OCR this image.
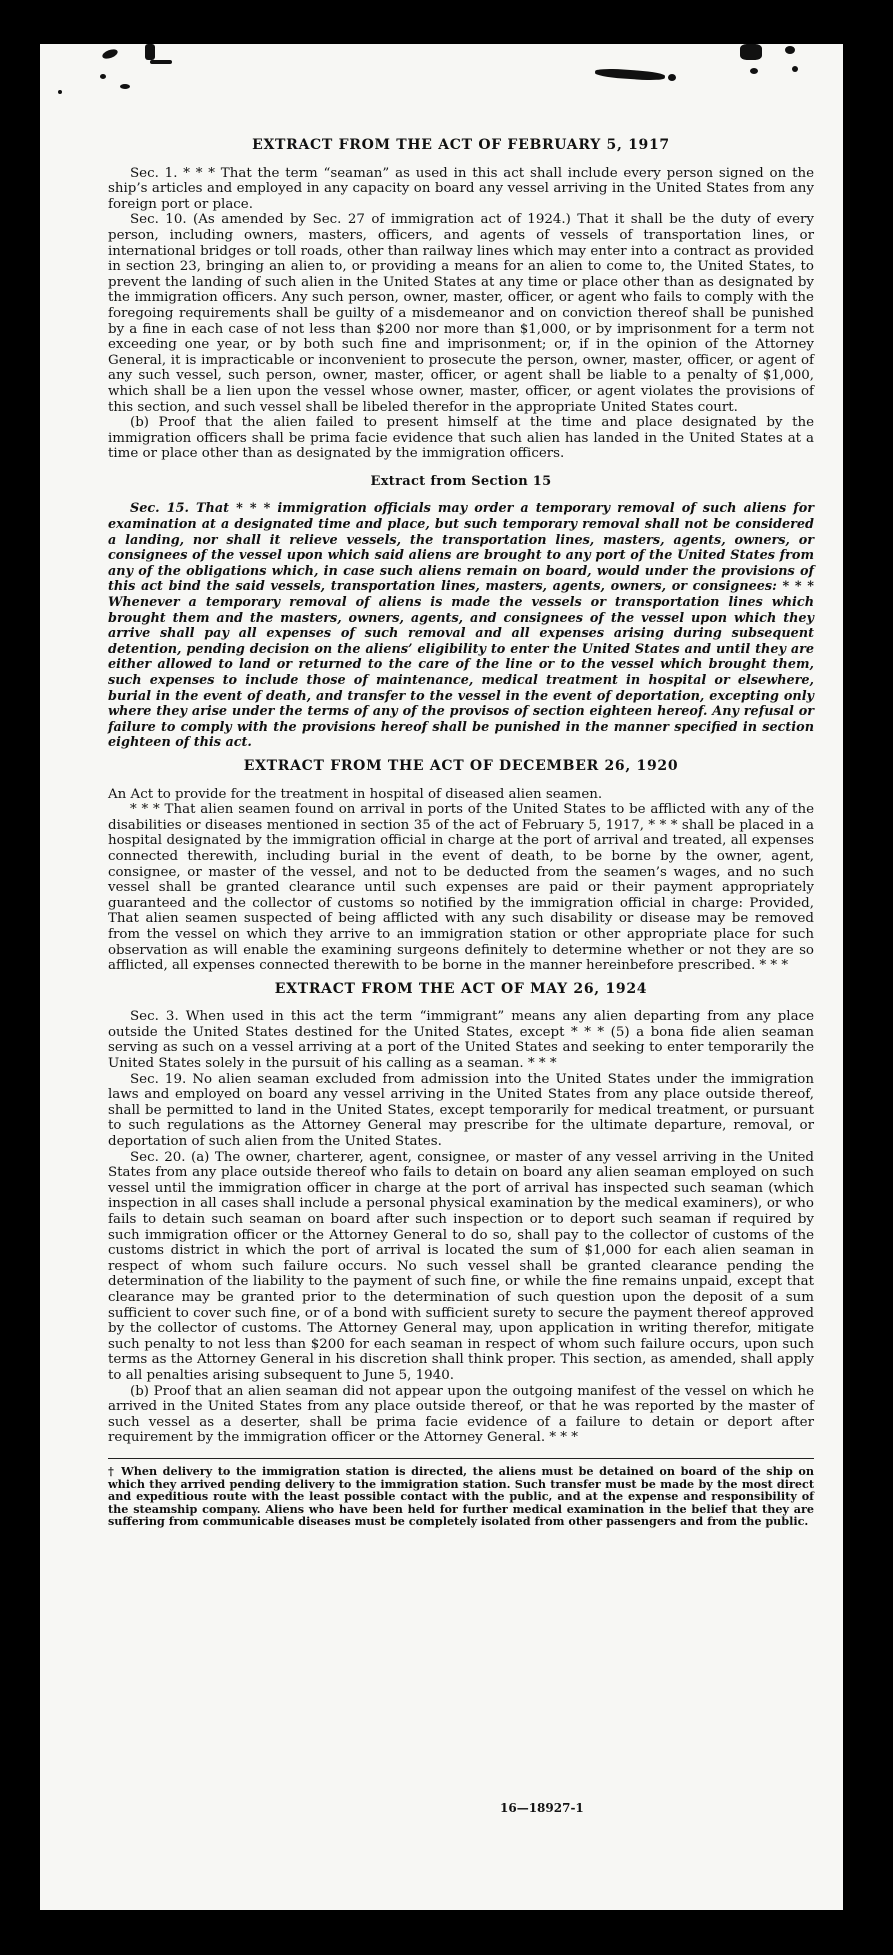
EXTRACT FROM THE ACT OF FEBRUARY 5, 1917

Sec. 1. * * * That the term “seaman” as used in this act shall include every person signed on the ship’s articles and employed in any capacity on board any vessel arriving in the United States from any foreign port or place.

Sec. 10. (As amended by Sec. 27 of immigration act of 1924.) That it shall be the duty of every person, including owners, masters, officers, and agents of vessels of transportation lines, or international bridges or toll roads, other than railway lines which may enter into a contract as provided in section 23, bringing an alien to, or providing a means for an alien to come to, the United States, to prevent the landing of such alien in the United States at any time or place other than as designated by the immigration officers. Any such person, owner, master, officer, or agent who fails to comply with the foregoing requirements shall be guilty of a misdemeanor and on conviction thereof shall be punished by a fine in each case of not less than $200 nor more than $1,000, or by imprisonment for a term not exceeding one year, or by both such fine and imprisonment; or, if in the opinion of the Attorney General, it is impracticable or inconvenient to prosecute the person, owner, master, officer, or agent of any such vessel, such person, owner, master, officer, or agent shall be liable to a penalty of $1,000, which shall be a lien upon the vessel whose owner, master, officer, or agent violates the provisions of this section, and such vessel shall be libeled therefor in the appropriate United States court.

(b) Proof that the alien failed to present himself at the time and place designated by the immigration officers shall be prima facie evidence that such alien has landed in the United States at a time or place other than as designated by the immigration officers.

Extract from Section 15

Sec. 15. That * * * immigration officials may order a temporary removal of such aliens for examination at a designated time and place, but such temporary removal shall not be considered a landing, nor shall it relieve vessels, the transportation lines, masters, agents, owners, or consignees of the vessel upon which said aliens are brought to any port of the United States from any of the obligations which, in case such aliens remain on board, would under the provisions of this act bind the said vessels, transportation lines, masters, agents, owners, or consignees: * * * Whenever a temporary removal of aliens is made the vessels or transportation lines which brought them and the masters, owners, agents, and consignees of the vessel upon which they arrive shall pay all expenses of such removal and all expenses arising during subsequent detention, pending decision on the aliens’ eligibility to enter the United States and until they are either allowed to land or returned to the care of the line or to the vessel which brought them, such expenses to include those of maintenance, medical treatment in hospital or elsewhere, burial in the event of death, and transfer to the vessel in the event of deportation, excepting only where they arise under the terms of any of the provisos of section eighteen hereof. Any refusal or failure to comply with the provisions hereof shall be punished in the manner specified in section eighteen of this act.

EXTRACT FROM THE ACT OF DECEMBER 26, 1920

An Act to provide for the treatment in hospital of diseased alien seamen.

* * * That alien seamen found on arrival in ports of the United States to be afflicted with any of the disabilities or diseases mentioned in section 35 of the act of February 5, 1917, * * * shall be placed in a hospital designated by the immigration official in charge at the port of arrival and treated, all expenses connected therewith, including burial in the event of death, to be borne by the owner, agent, consignee, or master of the vessel, and not to be deducted from the seamen’s wages, and no such vessel shall be granted clearance until such expenses are paid or their payment appropriately guaranteed and the collector of customs so notified by the immigration official in charge: Provided, That alien seamen suspected of being afflicted with any such disability or disease may be removed from the vessel on which they arrive to an immigration station or other appropriate place for such observation as will enable the examining surgeons definitely to determine whether or not they are so afflicted, all expenses connected therewith to be borne in the manner hereinbefore prescribed. * * *

EXTRACT FROM THE ACT OF MAY 26, 1924

Sec. 3. When used in this act the term “immigrant” means any alien departing from any place outside the United States destined for the United States, except * * * (5) a bona fide alien seaman serving as such on a vessel arriving at a port of the United States and seeking to enter temporarily the United States solely in the pursuit of his calling as a seaman. * * *

Sec. 19. No alien seaman excluded from admission into the United States under the immigration laws and employed on board any vessel arriving in the United States from any place outside thereof, shall be permitted to land in the United States, except temporarily for medical treatment, or pursuant to such regulations as the Attorney General may prescribe for the ultimate departure, removal, or deportation of such alien from the United States.

Sec. 20. (a) The owner, charterer, agent, consignee, or master of any vessel arriving in the United States from any place outside thereof who fails to detain on board any alien seaman employed on such vessel until the immigration officer in charge at the port of arrival has inspected such seaman (which inspection in all cases shall include a personal physical examination by the medical examiners), or who fails to detain such seaman on board after such inspection or to deport such seaman if required by such immigration officer or the Attorney General to do so, shall pay to the collector of customs of the customs district in which the port of arrival is located the sum of $1,000 for each alien seaman in respect of whom such failure occurs. No such vessel shall be granted clearance pending the determination of the liability to the payment of such fine, or while the fine remains unpaid, except that clearance may be granted prior to the determination of such question upon the deposit of a sum sufficient to cover such fine, or of a bond with sufficient surety to secure the payment thereof approved by the collector of customs. The Attorney General may, upon application in writing therefor, mitigate such penalty to not less than $200 for each seaman in respect of whom such failure occurs, upon such terms as the Attorney General in his discretion shall think proper. This section, as amended, shall apply to all penalties arising subsequent to June 5, 1940.

(b) Proof that an alien seaman did not appear upon the outgoing manifest of the vessel on which he arrived in the United States from any place outside thereof, or that he was reported by the master of such vessel as a deserter, shall be prima facie evidence of a failure to detain or deport after requirement by the immigration officer or the Attorney General. * * *

† When delivery to the immigration station is directed, the aliens must be detained on board of the ship on which they arrived pending delivery to the immigration station. Such transfer must be made by the most direct and expeditious route with the least possible contact with the public, and at the expense and responsibility of the steamship company. Aliens who have been held for further medical examination in the belief that they are suffering from communicable diseases must be completely isolated from other passengers and from the public.

16—18927-1
